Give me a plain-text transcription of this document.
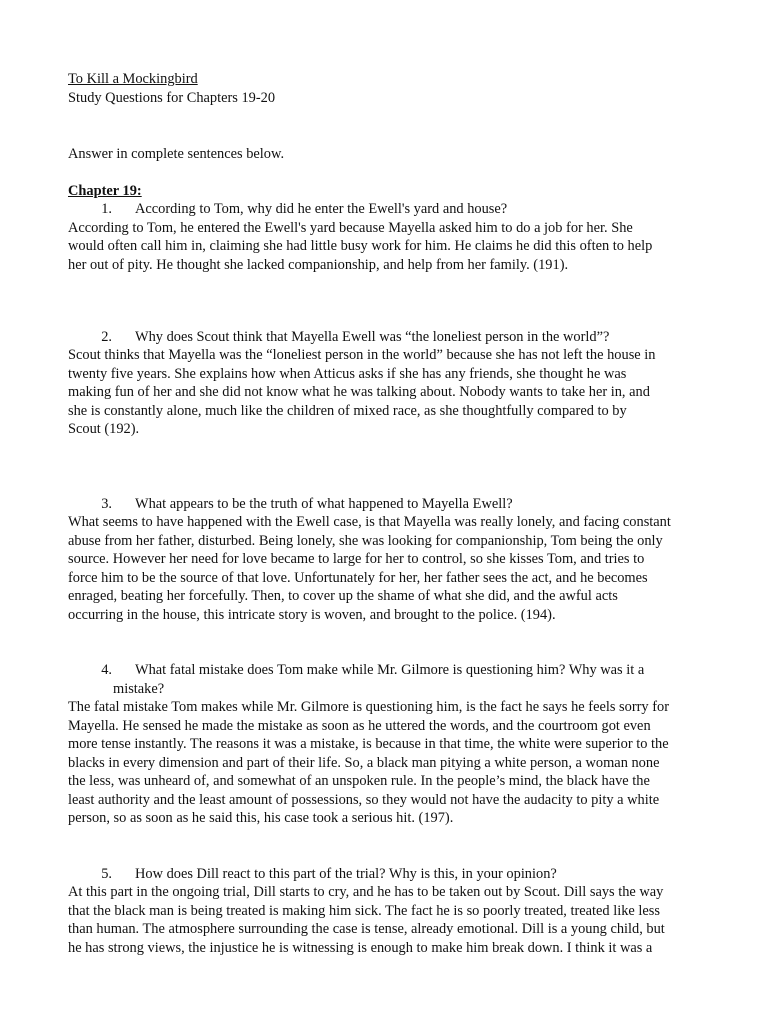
To Kill a Mockingbird
Study Questions for Chapters 19-20
Answer in complete sentences below.
Chapter 19:
1. According to Tom, why did he enter the Ewell's yard and house?
According to Tom, he entered the Ewell's yard because Mayella asked him to do a job for her. She
would often call him in, claiming she had little busy work for him. He claims he did this often to help
her out of pity. He thought she lacked companionship, and help from her family. (191).
2. Why does Scout think that Mayella Ewell was “the loneliest person in the world”?
Scout thinks that Mayella was the “loneliest person in the world” because she has not left the house in
twenty five years. She explains how when Atticus asks if she has any friends, she thought he was
making fun of her and she did not know what he was talking about. Nobody wants to take her in, and
she is constantly alone, much like the children of mixed race, as she thoughtfully compared to by
Scout (192).
3. What appears to be the truth of what happened to Mayella Ewell?
What seems to have happened with the Ewell case, is that Mayella was really lonely, and facing constant
abuse from her father, disturbed. Being lonely, she was looking for companionship, Tom being the only
source. However her need for love became to large for her to control, so she kisses Tom, and tries to
force him to be the source of that love. Unfortunately for her, her father sees the act, and he becomes
enraged, beating her forcefully. Then, to cover up the shame of what she did, and the awful acts
occurring in the house, this intricate story is woven, and brought to the police. (194).
4. What fatal mistake does Tom make while Mr. Gilmore is questioning him? Why was it a
mistake?
The fatal mistake Tom makes while Mr. Gilmore is questioning him, is the fact he says he feels sorry for
Mayella. He sensed he made the mistake as soon as he uttered the words, and the courtroom got even
more tense instantly. The reasons it was a mistake, is because in that time, the white were superior to the
blacks in every dimension and part of their life. So, a black man pitying a white person, a woman none
the less, was unheard of, and somewhat of an unspoken rule. In the people’s mind, the black have the
least authority and the least amount of possessions, so they would not have the audacity to pity a white
person, so as soon as he said this, his case took a serious hit. (197).
5. How does Dill react to this part of the trial? Why is this, in your opinion?
At this part in the ongoing trial, Dill starts to cry, and he has to be taken out by Scout. Dill says the way
that the black man is being treated is making him sick. The fact he is so poorly treated, treated like less
than human. The atmosphere surrounding the case is tense, already emotional. Dill is a young child, but
he has strong views, the injustice he is witnessing is enough to make him break down. I think it was a
